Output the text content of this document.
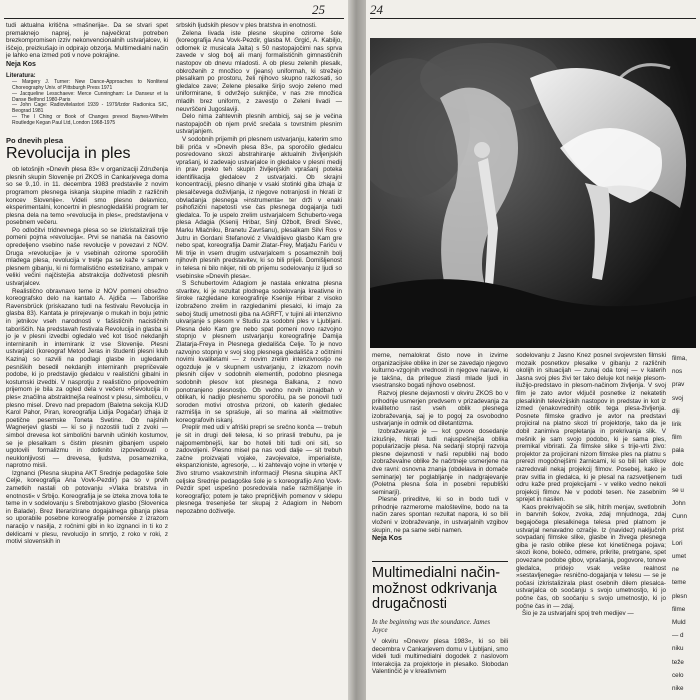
25

tudi aktualna kritična »mašnerija«. Da se stvari spet premaknejo naprej, je največkrat potreben brezkompromisen izziv nekonvencionalnih ustvarjalcev, ki iščejo, preizkušajo in odpirajo obzorja. Multimedialni način je lahko ena izmed poti v nove pokrajine.

Neja Kos
Literatura:
— Margery J. Turner: New Dance-Approaches to Nonliteral Choreography Univ. of Pittsburgh Press 1971
— Jacqueline Lesschaeve: Merce Cunningham: Le Danseur et la Danse Belfond 1980-Paris
— John Cage: Radiovitelastori 1939 - 1979/Izdor Radionica SIC, Beograd 1981
— The I Ching or Book of Changes prevod Baynes-Wilhelm Routledge Kegan Paul Ltd, London 1968-1975
Po dnevih plesa
Revolucija in ples

ob letošnjih »Dnevih plesa 83« v organizaciji Združenja plesnih skupin Slovenije pri ZKOS in Cankarjevega doma so se 9.,10. in 11. decembra 1983 predstavile z novim programom plesnega iskanja skupine mladih z različnih koncev Slovenije«. Videli smo plesno delavnico, eksperimentalni, koncertni in plesnogledališki program ter plesna dela na temo »revolucija in ples«, predstavljena v posebnem večeru.

Po odločitvi tridnevnega plesa so se izkristalizirali trije pomeni pojma »revolucija«. Prvi se nanaša na časovno opredeljeno vsebino naše revolucije v povezavi z NOV. Druga »revolucija« je v vsebinah ozirome sporočilih mladega plesa, revolucija v tretje pa se kaže v samem plesnem gibanju, ki ni formalistično estetizirano, ampak v veliki večini najčistejša abstrakcija doživetosti plesnih ustvarjalcev.

Realistično obravnavo teme iz NOV pomeni obsežno koreografsko delo na kantato A. Ajdiča — Taboriške Ravensbrück (priskazano tudi na festivalu Revolucija in glasba 83). Kantata je prirejevanje o mukah in boju jetnic in jetnikov vseh narodnosti v fašističnih nacističnih taboriščih. Na predstavah festivala Revolucija in glasba si jo je v plesni izvedbi ogledalo več kot tisoč nekdanjih interniranih in internirank iz vse Slovenije. Plesni ustvarjalci (koreograf Metod Jeras in študenti plesni klub Kazina) so razvili na podlagi glasbe in ugledanih pesniških besedil nekdanjih interniranh prepričevale podobe, ki jo predstavijo gledalcu v realistični gibalni in kostumski izvedbi. V nasprotju z realistično pripovednim prijemom je bila za ogled dela v večeru »Revolucija in ples« značilna abstraktnejša realnost v plesu, simbolicu, v plesno misel. Drevo nad prepadom (Baletna sekcija KUD Karol Pahor, Piran, koreografija Lidija Pogačar) izhaja iz poetične pesemske Toneta Svetine. Ob najslnih Wagnerjevi glasbi — ki so ji nozostili tudi z zvoki — simbol drevesa kot simbolični barvnih učinkih kostumov, se je plesalkam s čistim plesnim gibanjem uspelo ugotovili formalizmu in dotknito izpovedovati o neuklonljivosti — drevesa, ljudstva, posameznika, naprotno misli.

Izgnanci (Plesna skupina AKT Srednje pedagoške šole Celje, koreografija Ana Vovk-Pezdir) pa so v prvih zametkih nastali ob potovanju »Vlaka bratstva in enotnosti« v Srbijo. Koreografija je se izteka znova tolla te teme in v sodelovanju s Srebotnjakovo glasbo (Slovenica in Balade). Brez literarizirane dogajalnega gibanja plesa so uporabile posebne koreografije pomenske z izrazom naracijo v nasilja, z ročnimi gibi in ko izgnanci in ti ko z deklicami v plesu, revolucijo in smrtjo, z roko v roki, z motivi slovenskih in

srbskih ljudskih plesov v ples bratstva in enotnosti.

Zelena livada iste plesne skupine ozirome šole (koreografija Ana Vovk-Pezdir, glasba M. Grgić, A. Kabiljo, odlomek iz musicala Jalta) s 50 nastopajočimi nas sprva zavede v slog bolj ali manj formalističnih gimnastičnih nastopov ob dnevu mladosti. A ob plesu zelenih plesalk, obkroženih z množico v (jeans) uniformah, ki strežejo plesalkam po prostoru, želi njihovo skupno razkosati, so gledalce zave; Zelene plesalke širijo svojo zeleno med uniformirane, ti odvržejo suknjiče, v nas zre množica mladih brez uniform, z zavestjo o Zeleni livadi — neuvrščeni Jugoslaviji.

Delo nima zahtevnih plesnih ambicij, saj se je večina nastopajočih ob njem prvič srečala s tovrstnim plesnim ustvarjanjem.

V sodobnih prijemih pri plesnem ustvarjanju, katerim smo bili priča v »Dnevih plesa 83«, pa sporočilo gledalcu posredovano skozi abstrahiranje aktualnih življenjskih vprašanj, ki zadevajo ustvarjalce in gledalce v plesni medij in prav preko teh skupin življenjskih vprašanj poteka identifikacija gledalcev z ustvarjalci. Ob skrajni koncentraciji, plesno dihanje v vsaki stotinki giba izhaja iz plesalčevega doživljanja, iz njegove notranjosti in hkrati iz obvladanja plesnega »instrumenta« ter drži v enaki psihofizični napetosti vse čas plesnega dogajanja tudi gledalca. To je uspelo zrelim ustvarjalcem Schuberto-vega plesa Adagia (Ksenij Hribar, Sinji Ožbolt, Bredi Sivec, Marku Mlačniku, Branetu Završanu), plesalkam Silvi Ros v Jutru in Gordani Stefanović z Vivaldijevo glasbo Kam gre nebo spat, koreografija Damir Zlatar-Frey, Matjažu Fariču v Mi trije in vsem drugim ustvarjalcem s posameznih bolj njihovih plesnih predstavitev, ki so bili prijeli. Domišljenost in telesa ni bilo nikjer, niti ob prijemu sodelovanju iz ljudi so vsebinske »Dnevih plesa«.

S Schubertovim Adagiom je nastala enkratna plesna stvaritev, ki je rezultat plodnega sodelovanja kreativne in široke razgledane koreografinje Ksenije Hribar z visoko izobraženo zrelim in razgledanimi plesalci, ki imajo za seboj študij umetnosti giba na AGRFT, v tujini ali intenzivno ukvarjanje s plesom v Studiu za sodobni ples v Ljubljani. Plesna delo Kam gre nebo spat pomeni novo razvojno stopnjo v plesnem ustvarjanju koreografinje Damija Zlatarja-Freya in Plesnega gledališča Celje. To je novo razvojno stopnjo v svoj slog plesnega gledališča z očitnimi novimi kvalitetami — z novim zrelim intenzivnostjo ne ogozduje je v skupnem ustvarjanju, z izkazom novih plesnih ciljev v sodobnih elementih, podobno plesnega sodobnih plesov kot plesnega Balkana, z novo ponotranjeno plesnostjo. Ob vedno novih iznajdbah v oblikah, ki nadijo plesnemu sporočilu, pa se ponovil tudi soroden motivi otrostva prizoni, ob katerih gledalec razmišlja in se sprašuje, ali so marina ali »leitmotiv« koreografovih iskanj.

Preplir med udi v afriški prepri se srečno konča — trebuh je sit in drugi deli telesa, ki so prirasli trebuhu, pa je najpomembnejši, kar bo hoteli biti tudi oni siti, so zadovoljeni. Plesno misel pa nas vodi dalje — sit trebuh začne proizvajati vojake, zavojevalce, imperialiste, ekspanzioniste, agresorje, ... ki zahtevajo vojne in vrtenje v živo strumo vsakovrstnih informacij! Plesna skupina AKT celjske Srednje pedagoške šole je s koreografijo Ano Vovk-Pezdir spet uspešno posredovala naše razmišljanje in koreografijo; potem je tako prepričljivih pomenov v sklepu plesnega tresenješe ter skupaj z Adagiom in Nebom nepozabno doživetje.

24

merne, nemalokrat čisto nove in izvirne organizacijske oblike in izer se zavedajo njegovo kulturno-vzgojnih vrednosti in njegove narave, ki je takšna, da pritegue zlasti mlade ljudi in vsestransko bogati njihovo osebnost.

Razvoj plesne dejavnosti v okviru ZKOS bo v prihodnje usmerjen predvsem v prizadevanja za kvalitetno rast vseh oblik plesnega izobraževanja, saj je to pogoj za osvobodno ustvarjanje in odmik od diletantizma.

Izobraževanje je — kot govore dosedanje izkušnje, hkrati tudi najuspešnejša oblika popularizacije plesa. Na sedanji stopnji razvoja plesne dejavnosti v naši republiki naj bodo izobraževalne oblike že načrtneje usmerjene na dve ravni: osnovna znanja (obdelava in domače seminarje) ter poglabljanje in nadgrajevanje (Poletna plesna šola in posebni republiški seminarji).

Plesne prireditve, ki so in bodo tudi v prihodnje razmerome maloštevilne, bodo na ta način zares spontan rezultat napora, ki so bili vloženi v izobraževanje, in ustvarjalnih vzgibov skupin, ne pa same sebi namen.

Neja Kos
Multimedialni način-možnost odkrivanja drugačnosti
In the beginning was the soundance. James Joyce

V okviru »Dnevov plesa 1983«, ki so bili decembra v Cankarjevem domu v Ljubljani, smo videli tudi multimedialni dogodek z naslovom Interakcija za projektorje in plesalko. Slobodan Valentinčič je v kreativnem

sodelovanju z Jasno Knez posnel svojevrsten filmski mozaik posnetkov plesalke v gibanju z različnih okolijh in situacijah — zunaj oda torej — v katerih Jasna svoj ples živi ter tako deluje kot nekje plesom-ilužijo-predstavo in plesom-načinom življenja. V svoj film je zato avtor vključil posnetke iz nekatetih plesalkinih televizijskih nastopov in predstav in kot iz izmed (enakovrednih) oblik tega plesa-življenja. Posnete filmske gradivo je avtor na predstavi projiciral na platno skozi tri projektorje, tako da je dobil zanimiva prepletanja in prekrivanja slik. V mešnik je sam svojo podobo, ki je sama ples, premikal vibrirati. Za filmske slike s trije-vrti živo: projektor za projicirani nizom filmske ples na platnu s prerezi mogočnejšimi žarnicami, ki so bili teh slikov razredovali nekaj projekcij filmov. Posebej, kako je prav svitla in gledalca, ki je plesal na razsvetljenem odru kaže pred projekcijami - v veliko vedno nekoli projekcij filmov. Ne v podobi tesen. Ne zasebnim sprejet in nasilen.

Kaos prekrivajočih se slik, hitrih menjav, svetlobnih in barvnih šokov, zvoka, zdaj mnjudnoga, zdaj begajočega plesalkinega telesa pred platnom je ustvarjal nenavadno ozračje. Iz (navidez) naključnih sovpadanj filmske slike, glasbe in živega plesnega giba je raslo oblike plese kot kinetičnega pojava; skozi ikone, bolečo, odmere, prikrite, pretrgane, spet povezane podobe gibov, vprašanja, pogovore, tonove gledalca, pridejo vsak veške realnost »sestavljenega« resnično-dogajanja v telesu — se je počasi izkristalizirala plast osebnih dilem plesalca-ustvarjalca ob soočanju s svojo umetnostjo, ki jo počne čas, ob soočanju s svojo umetnostjo, ki jo počne čas in — zdaj.

Šio je za ustvarjalni spoj treh medijev —

filma,
nos
prav
svoj
dlji
lirik
film
pala
dolc
tudi
se u
John
Cunn
prist
Lori
umet
ne
teme
plesn
filme
Muld
— d
niku
teže
celo
nike
